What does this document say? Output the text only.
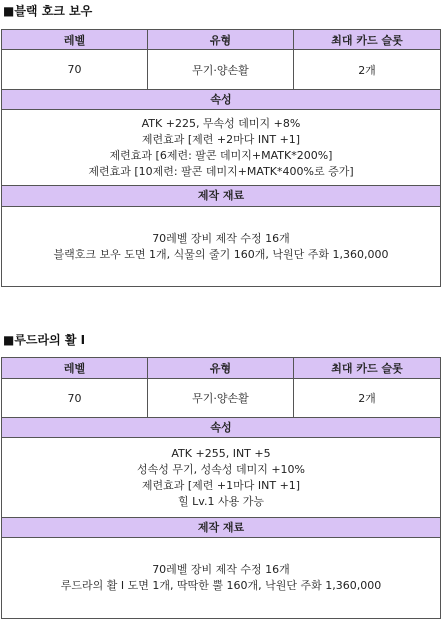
■블랙 호크 보우
레벨	유형	최대 카드 슬롯
70	무기·양손활	2개
속성
ATK +225, 무속성 데미지 +8%
제련효과 [제련 +2마다 INT +1]
제련효과 [6제련: 팔콘 데미지+MATK*200%]
제련효과 [10제련: 팔콘 데미지+MATK*400%로 증가]
제작 재료
70레벨 장비 제작 수정 16개
블랙호크 보우 도면 1개, 식물의 줄기 160개, 낙원단 주화 1,360,000
■루드라의 활 I
레벨	유형	최대 카드 슬롯
70	무기·양손활	2개
속성
ATK +255, INT +5
성속성 무기, 성속성 데미지 +10%
제련효과 [제련 +1마다 INT +1]
힐 Lv.1 사용 가능
제작 재료
70레벨 장비 제작 수정 16개
루드라의 활 I 도면 1개, 딱딱한 뿔 160개, 낙원단 주화 1,360,000
